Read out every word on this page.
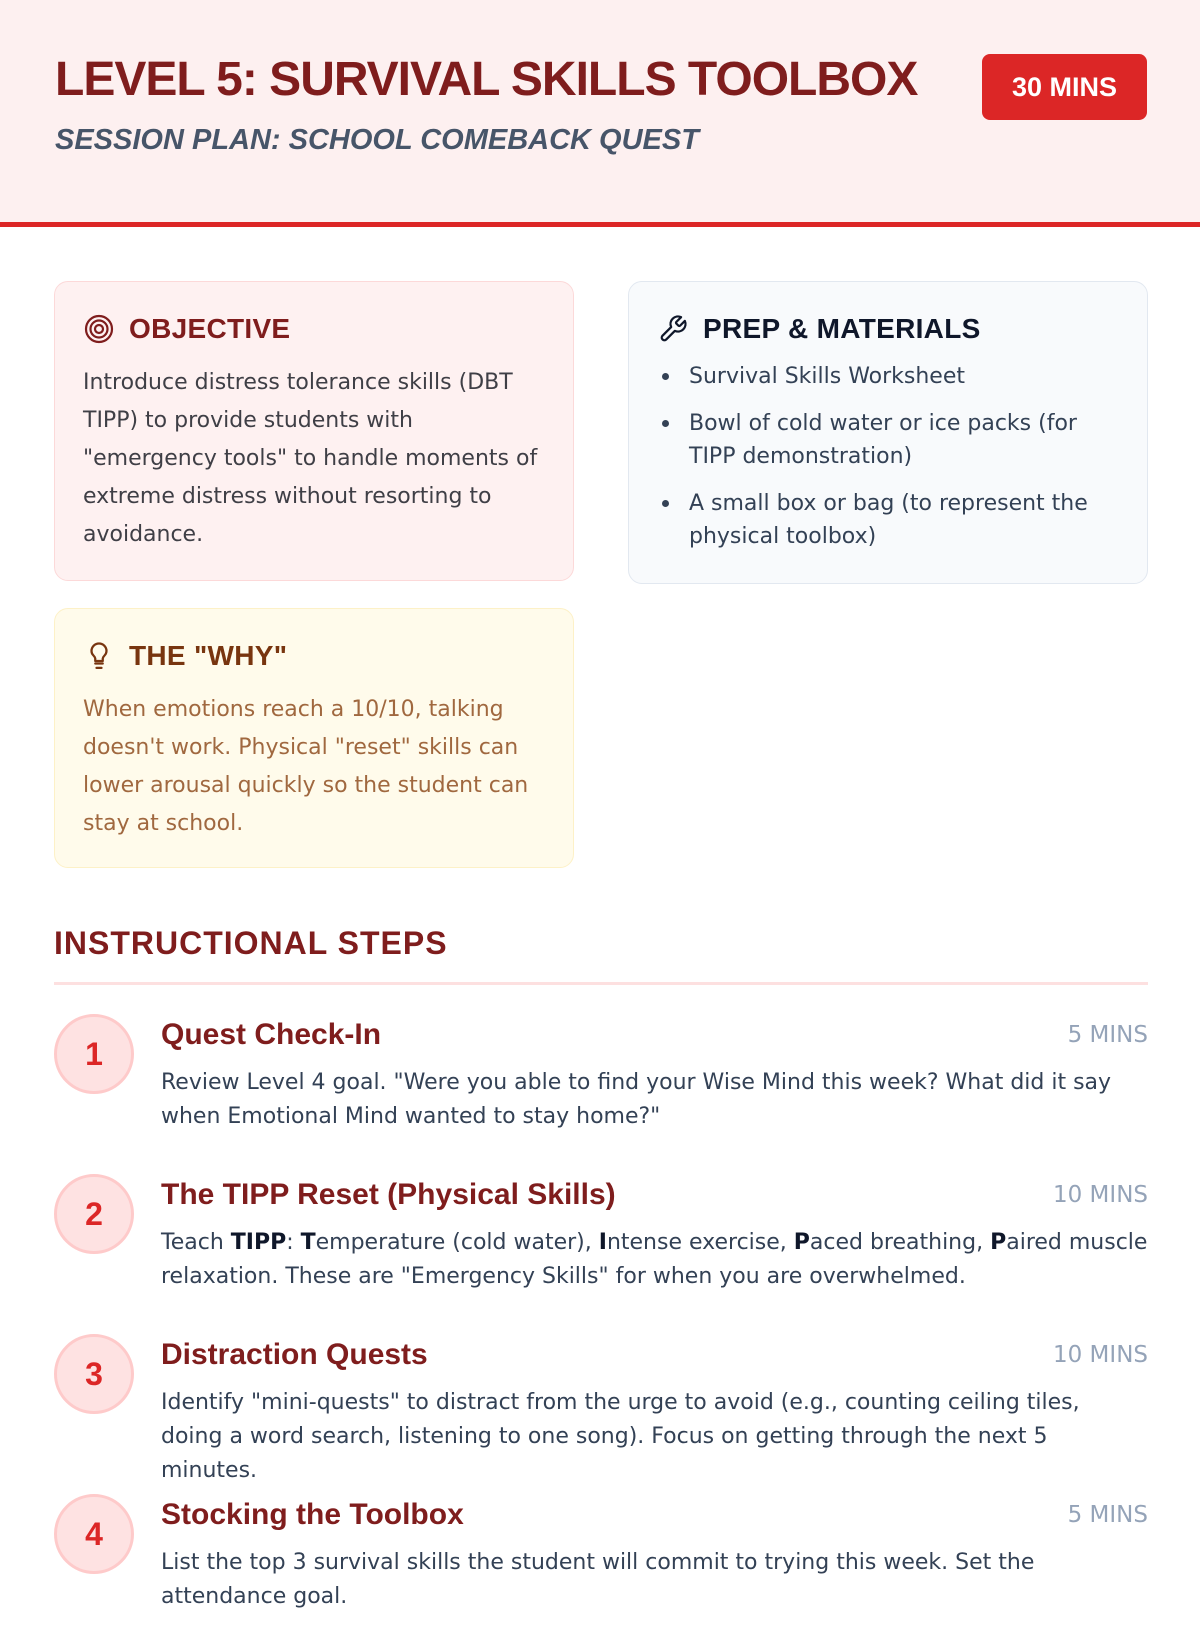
LEVEL 5: SURVIVAL SKILLS TOOLBOX
SESSION PLAN: SCHOOL COMEBACK QUEST
30 MINS
OBJECTIVE

Introduce distress tolerance skills (DBT TIPP) to provide students with "emergency tools" to handle moments of extreme distress without resorting to avoidance.

PREP & MATERIALS
Survival Skills Worksheet
Bowl of cold water or ice packs (for TIPP demonstration)
A small box or bag (to represent the physical toolbox)
THE "WHY"

When emotions reach a 10/10, talking doesn't work. Physical "reset" skills can lower arousal quickly so the student can stay at school.

INSTRUCTIONAL STEPS
1
Quest Check-In	5 MINS
Review Level 4 goal. "Were you able to find your Wise Mind this week? What did it say when Emotional Mind wanted to stay home?"
2
The TIPP Reset (Physical Skills)	10 MINS
Teach TIPP: Temperature (cold water), Intense exercise, Paced breathing, Paired muscle relaxation. These are "Emergency Skills" for when you are overwhelmed.
3
Distraction Quests	10 MINS
Identify "mini-quests" to distract from the urge to avoid (e.g., counting ceiling tiles, doing a word search, listening to one song). Focus on getting through the next 5 minutes.
4
Stocking the Toolbox	5 MINS
List the top 3 survival skills the student will commit to trying this week. Set the attendance goal.
